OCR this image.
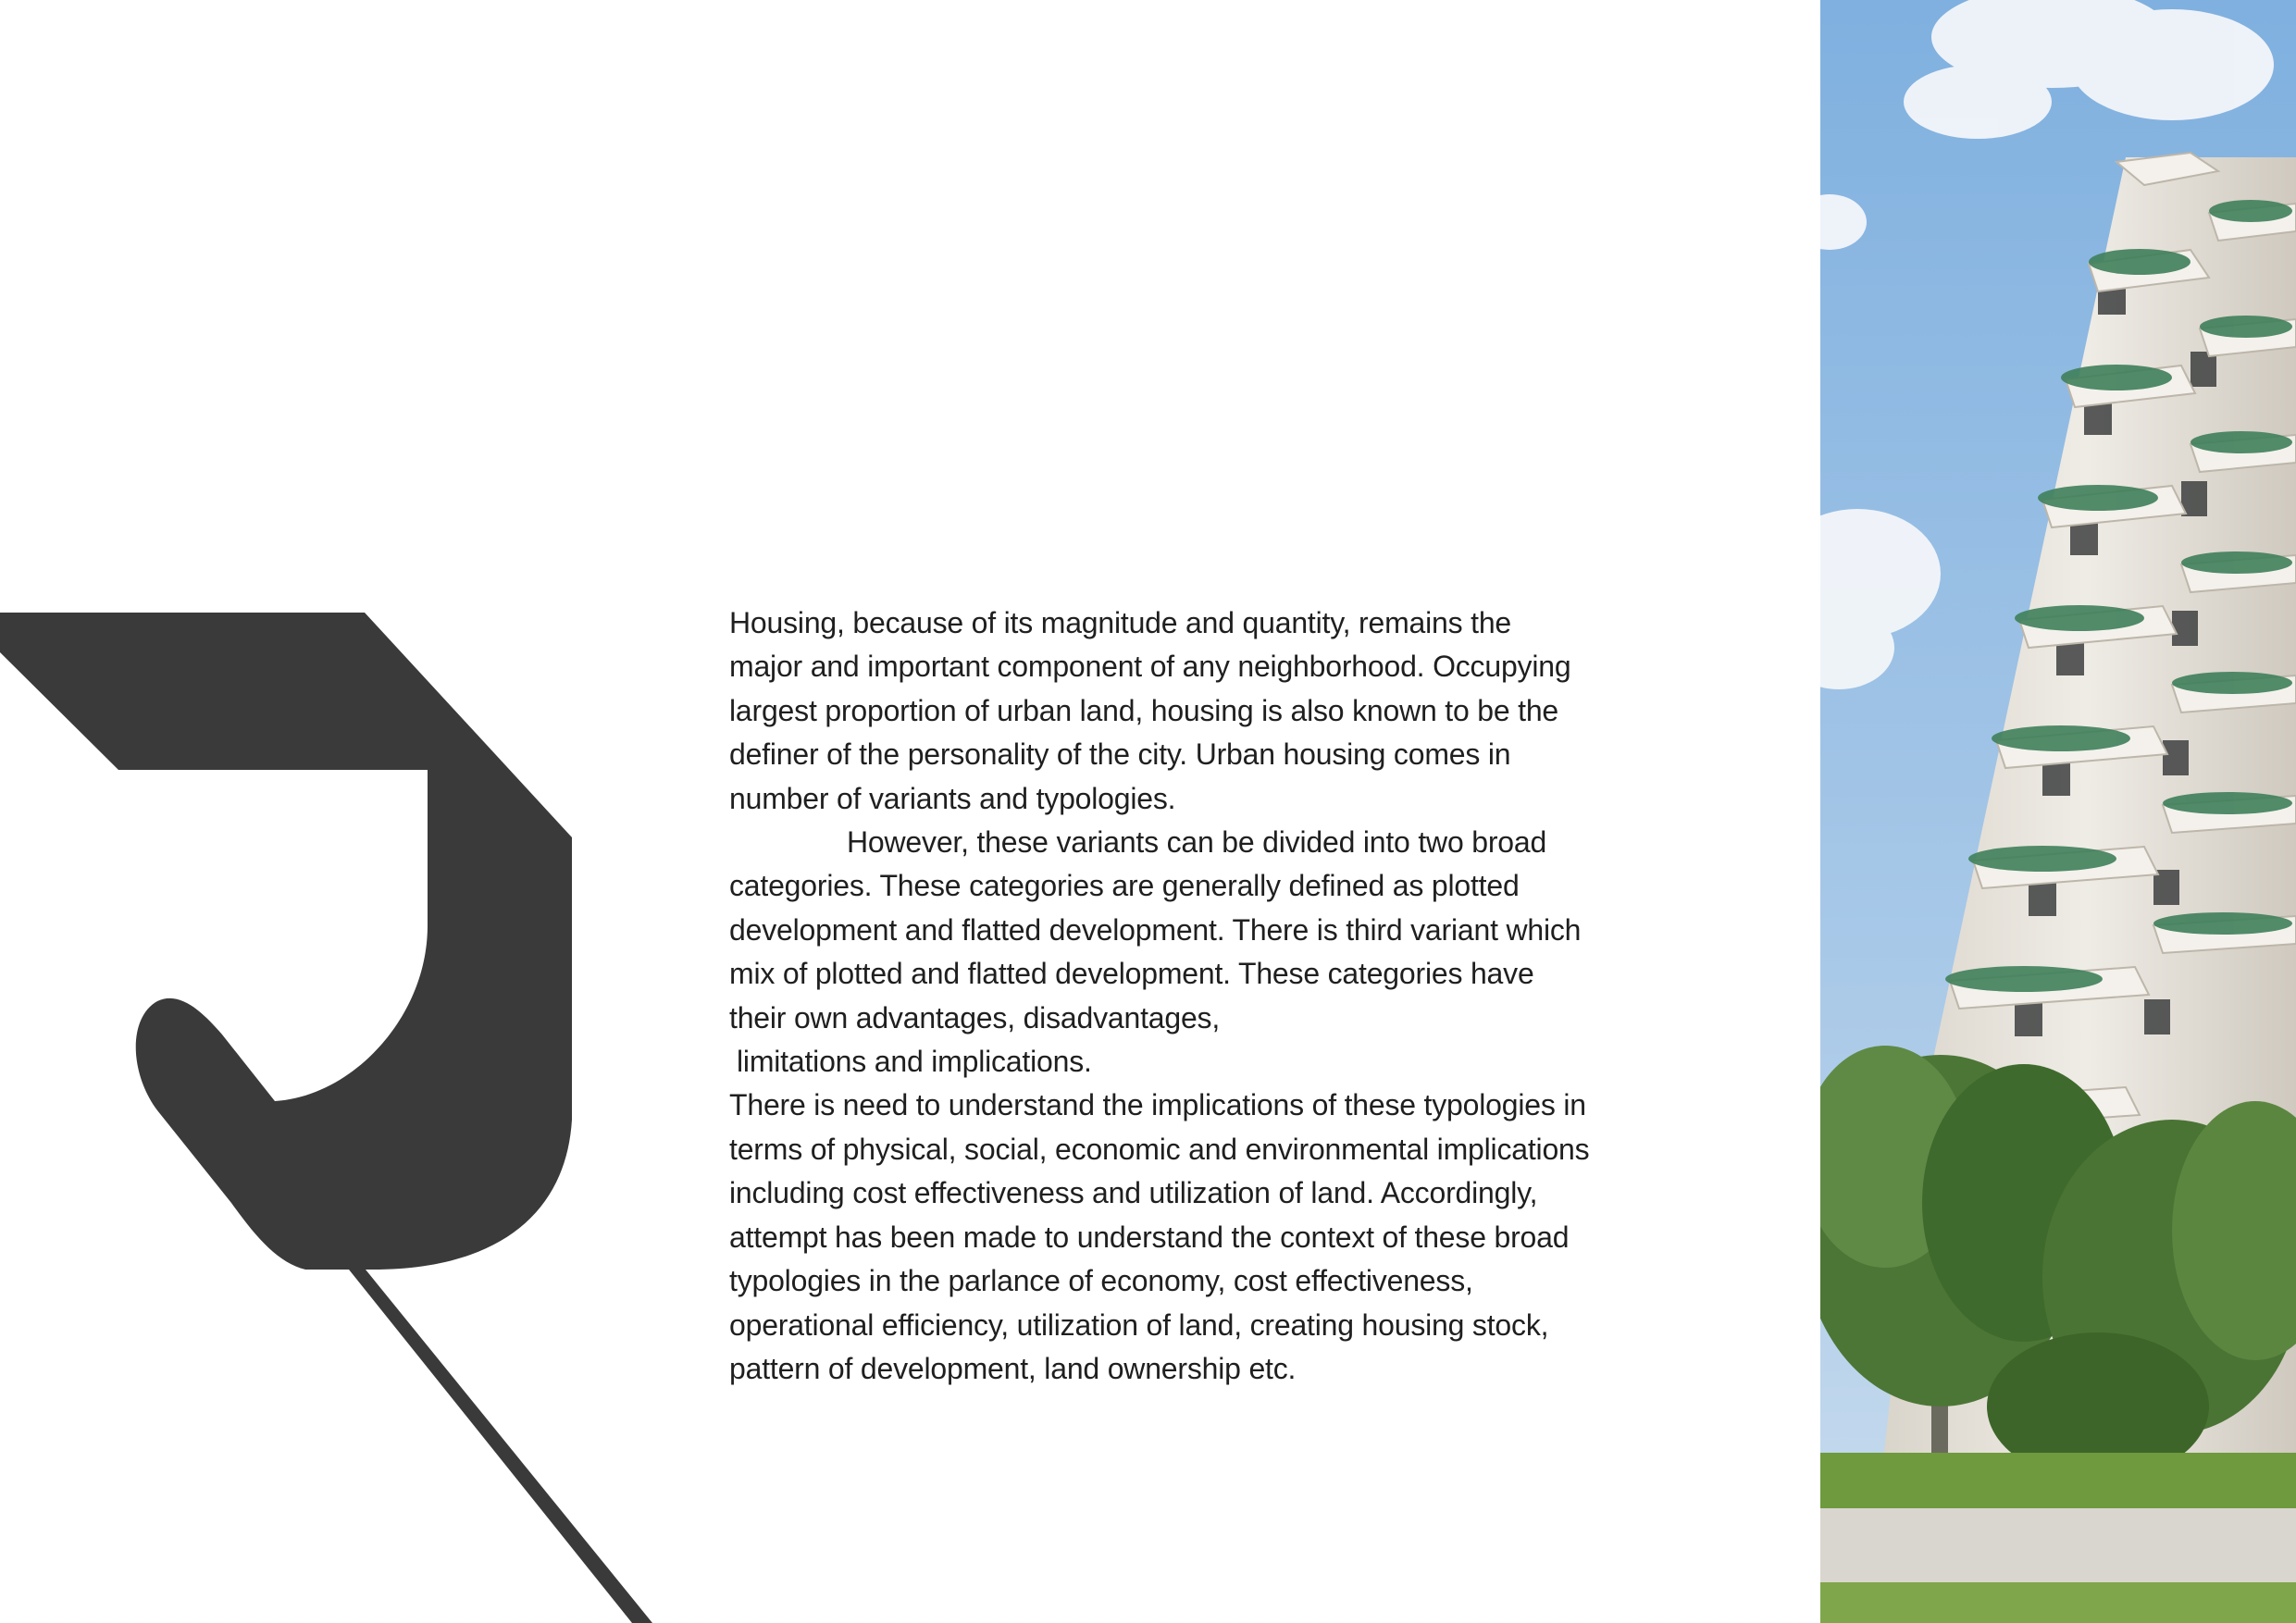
Housing, because of its magnitude and quantity, remains the
major and important component of any neighborhood. Occupying
largest proportion of urban land, housing is also known to be the
definer of the personality of the city. Urban housing comes in
number of variants and typologies.
However, these variants can be divided into two broad
categories. These categories are generally defined as plotted
development and flatted development. There is third variant which
mix of plotted and flatted development. These categories have
their own advantages, disadvantages,
limitations and implications.
There is need to understand the implications of these typologies in
terms of physical, social, economic and environmental implications
including cost effectiveness and utilization of land. Accordingly,
attempt has been made to understand the context of these broad
typologies in the parlance of economy, cost effectiveness,
operational efficiency, utilization of land, creating housing stock,
pattern of development, land ownership etc.
